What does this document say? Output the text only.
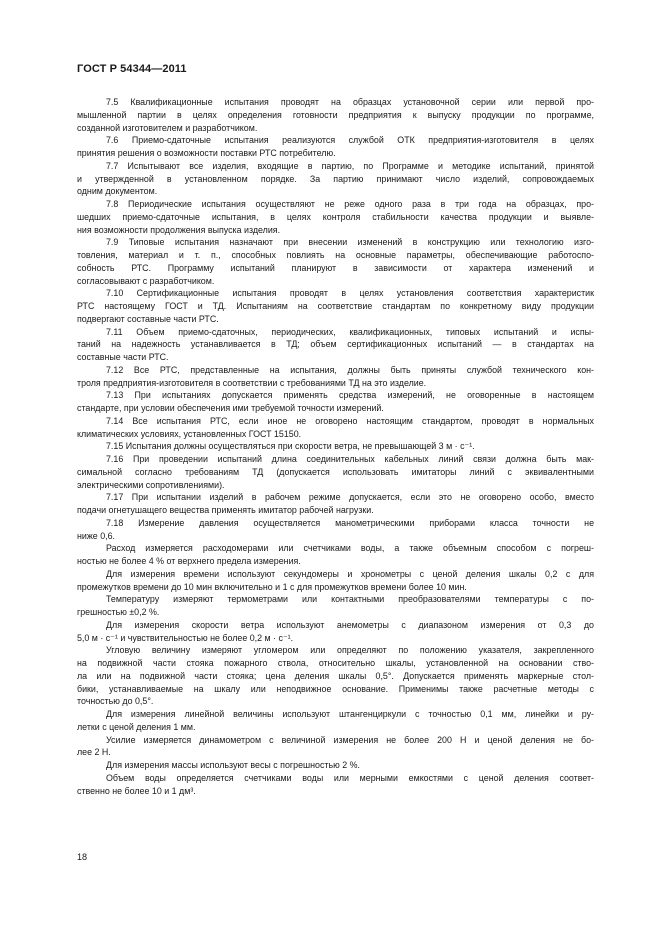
ГОСТ Р 54344—2011
7.5 Квалификационные испытания проводят на образцах установочной серии или первой про-
мышленной партии в целях определения готовности предприятия к выпуску продукции по программе,
созданной изготовителем и разработчиком.
7.6 Приемо-сдаточные испытания реализуются службой ОТК предприятия-изготовителя в целях
принятия решения о возможности поставки РТС потребителю.
7.7 Испытывают все изделия, входящие в партию, по Программе и методике испытаний, принятой
и утвержденной в установленном порядке. За партию принимают число изделий, сопровождаемых
одним документом.
7.8 Периодические испытания осуществляют не реже одного раза в три года на образцах, про-
шедших приемо-сдаточные испытания, в целях контроля стабильности качества продукции и выявле-
ния возможности продолжения выпуска изделия.
7.9 Типовые испытания назначают при внесении изменений в конструкцию или технологию изго-
товления, материал и т. п., способных повлиять на основные параметры, обеспечивающие работоспо-
собность РТС. Программу испытаний планируют в зависимости от характера изменений и
согласовывают с разработчиком.
7.10 Сертификационные испытания проводят в целях установления соответствия характеристик
РТС настоящему ГОСТ и ТД. Испытаниям на соответствие стандартам по конкретному виду продукции
подвергают составные части РТС.
7.11 Объем приемо-сдаточных, периодических, квалификационных, типовых испытаний и испы-
таний на надежность устанавливается в ТД; объем сертификационных испытаний — в стандартах на
составные части РТС.
7.12 Все РТС, представленные на испытания, должны быть приняты службой технического кон-
троля предприятия-изготовителя в соответствии с требованиями ТД на это изделие.
7.13 При испытаниях допускается применять средства измерений, не оговоренные в настоящем
стандарте, при условии обеспечения ими требуемой точности измерений.
7.14 Все испытания РТС, если иное не оговорено настоящим стандартом, проводят в нормальных
климатических условиях, установленных ГОСТ 15150.
7.15 Испытания должны осуществляться при скорости ветра, не превышающей 3 м · с⁻¹.
7.16 При проведении испытаний длина соединительных кабельных линий связи должна быть мак-
симальной согласно требованиям ТД (допускается использовать имитаторы линий с эквивалентными
электрическими сопротивлениями).
7.17 При испытании изделий в рабочем режиме допускается, если это не оговорено особо, вместо
подачи огнетушащего вещества применять имитатор рабочей нагрузки.
7.18 Измерение давления осуществляется манометрическими приборами класса точности не
ниже 0,6.
Расход измеряется расходомерами или счетчиками воды, а также объемным способом с погреш-
ностью не более 4 % от верхнего предела измерения.
Для измерения времени используют секундомеры и хронометры с ценой деления шкалы 0,2 с для
промежутков времени до 10 мин включительно и 1 с для промежутков времени более 10 мин.
Температуру измеряют термометрами или контактными преобразователями температуры с по-
грешностью ±0,2 %.
Для измерения скорости ветра используют анемометры с диапазоном измерения от 0,3 до
5,0 м · с⁻¹ и чувствительностью не более 0,2 м · с⁻¹.
Угловую величину измеряют угломером или определяют по положению указателя, закрепленного
на подвижной части стояка пожарного ствола, относительно шкалы, установленной на основании ство-
ла или на подвижной части стояка; цена деления шкалы 0,5°. Допускается применять маркерные стол-
бики, устанавливаемые на шкалу или неподвижное основание. Применимы также расчетные методы с
точностью до 0,5°.
Для измерения линейной величины используют штангенциркули с точностью 0,1 мм, линейки и ру-
летки с ценой деления 1 мм.
Усилие измеряется динамометром с величиной измерения не более 200 Н и ценой деления не бо-
лее 2 Н.
Для измерения массы используют весы с погрешностью 2 %.
Объем воды определяется счетчиками воды или мерными емкостями с ценой деления соответ-
ственно не более 10 и 1 дм³.
18
